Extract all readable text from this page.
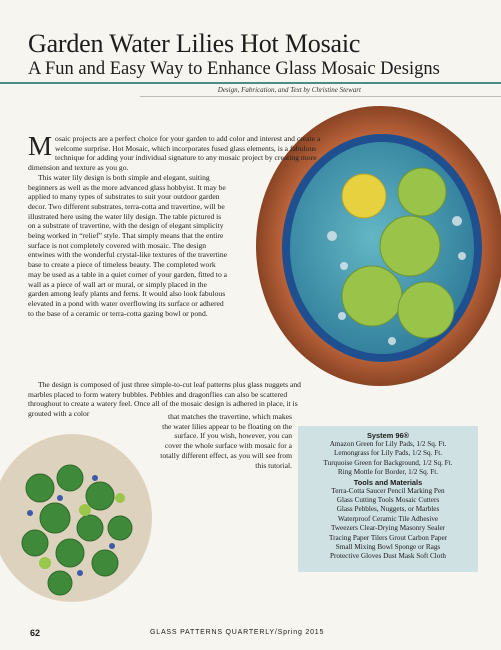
Garden Water Lilies Hot Mosaic
A Fun and Easy Way to Enhance Glass Mosaic Designs
Design, Fabrication, and Text by Christine Stewart

M osaic projects are a perfect choice for your garden to add color and interest and create a welcome surprise. Hot Mosaic, which incorporates fused glass elements, is a fabulous technique for adding your individual signature to any mosaic project by creating more dimension and texture as you go.

This water lily design is both simple and elegant, suiting beginners as well as the more advanced glass hobbyist. It may be applied to many types of substrates to suit your outdoor garden decor. Two different substrates, terra-cotta and travertine, will be illustrated here using the water lily design. The table pictured is on a substrate of travertine, with the design of elegant simplicity being worked in “relief” style. That simply means that the entire surface is not completely covered with mosaic. The design entwines with the wonderful crystal-like textures of the travertine base to create a piece of timeless beauty. The completed work may be used as a table in a quiet corner of your garden, fitted to a wall as a piece of wall art or mural, or simply placed in the garden among leafy plants and ferns. It would also look fabulous elevated in a pond with water overflowing its surface or adhered to the base of a ceramic or terra-cotta gazing bowl or pond.

The design is composed of just three simple-to-cut leaf patterns plus glass nuggets and marbles placed to form watery bubbles. Pebbles and dragonflies can also be scattered throughout to create a watery feel. Once all of the mosaic design is adhered in place, it is grouted with a color	that matches the travertine, which makes the water lilies appear to be floating on the surface. If you wish, however, you can cover the whole surface with mosaic for a totally different effect, as you will see from this tutorial.
System 96®
Amazon Green for Lily Pads, 1/2 Sq. Ft.
Lemongrass for Lily Pads, 1/2 Sq. Ft.
Turquoise Green for Background, 1/2 Sq. Ft.
Ring Mottle for Border, 1/2 Sq. Ft.
Tools and Materials
Terra-Cotta Saucer Pencil Marking Pen
Glass Cutting Tools Mosaic Cutters
Glass Pebbles, Nuggets, or Marbles
Waterproof Ceramic Tile Adhesive
Tweezers Clear-Drying Masonry Sealer
Tracing Paper Tilers Grout Carbon Paper
Small Mixing Bowl Sponge or Rags
Protective Gloves Dust Mask Soft Cloth
62	GLASS PATTERNS QUARTERLY/Spring 2015
